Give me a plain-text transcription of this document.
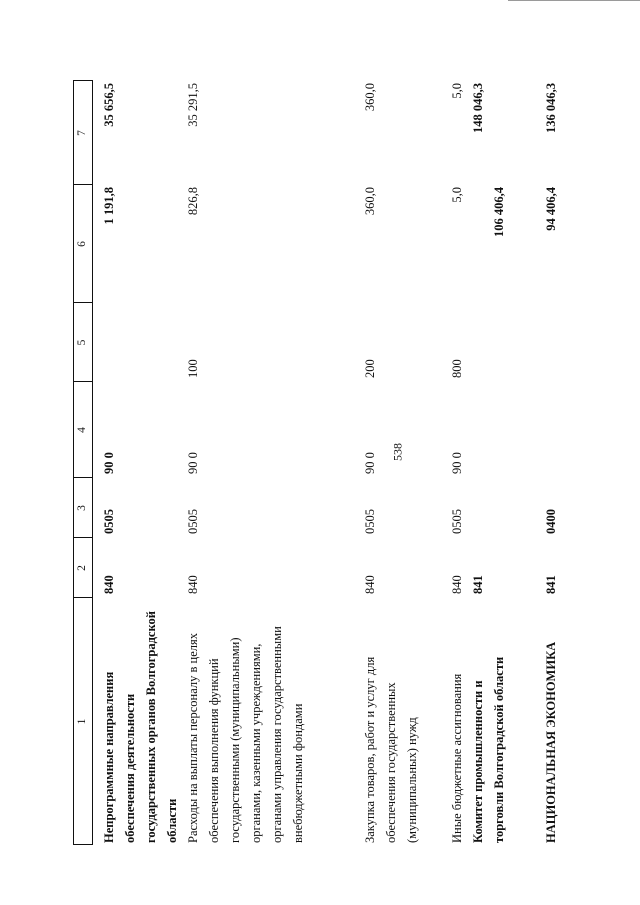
538
1
2
3
4
5
6
7
Непрограммные направления обеспечения деятельности государственных органов Волгоградской области
840
0505
90 0
1 191,8
35 656,5
Расходы на выплаты персоналу в целях обеспечения выполнения функций государственными (муниципальными) органами, казенными учреждениями, органами управления государственными внебюджетными фондами
840
0505
90 0
100
826,8
35 291,5
Закупка товаров, работ и услуг для обеспечения государственных (муниципальных) нужд
840
0505
90 0
200
360,0
360,0
Иные бюджетные ассигнования
840
0505
90 0
800
5,0
5,0
Комитет промышленности и торговли Волгоградской области
841
106 406,4
148 046,3
НАЦИОНАЛЬНАЯ ЭКОНОМИКА
841
0400
94 406,4
136 046,3
